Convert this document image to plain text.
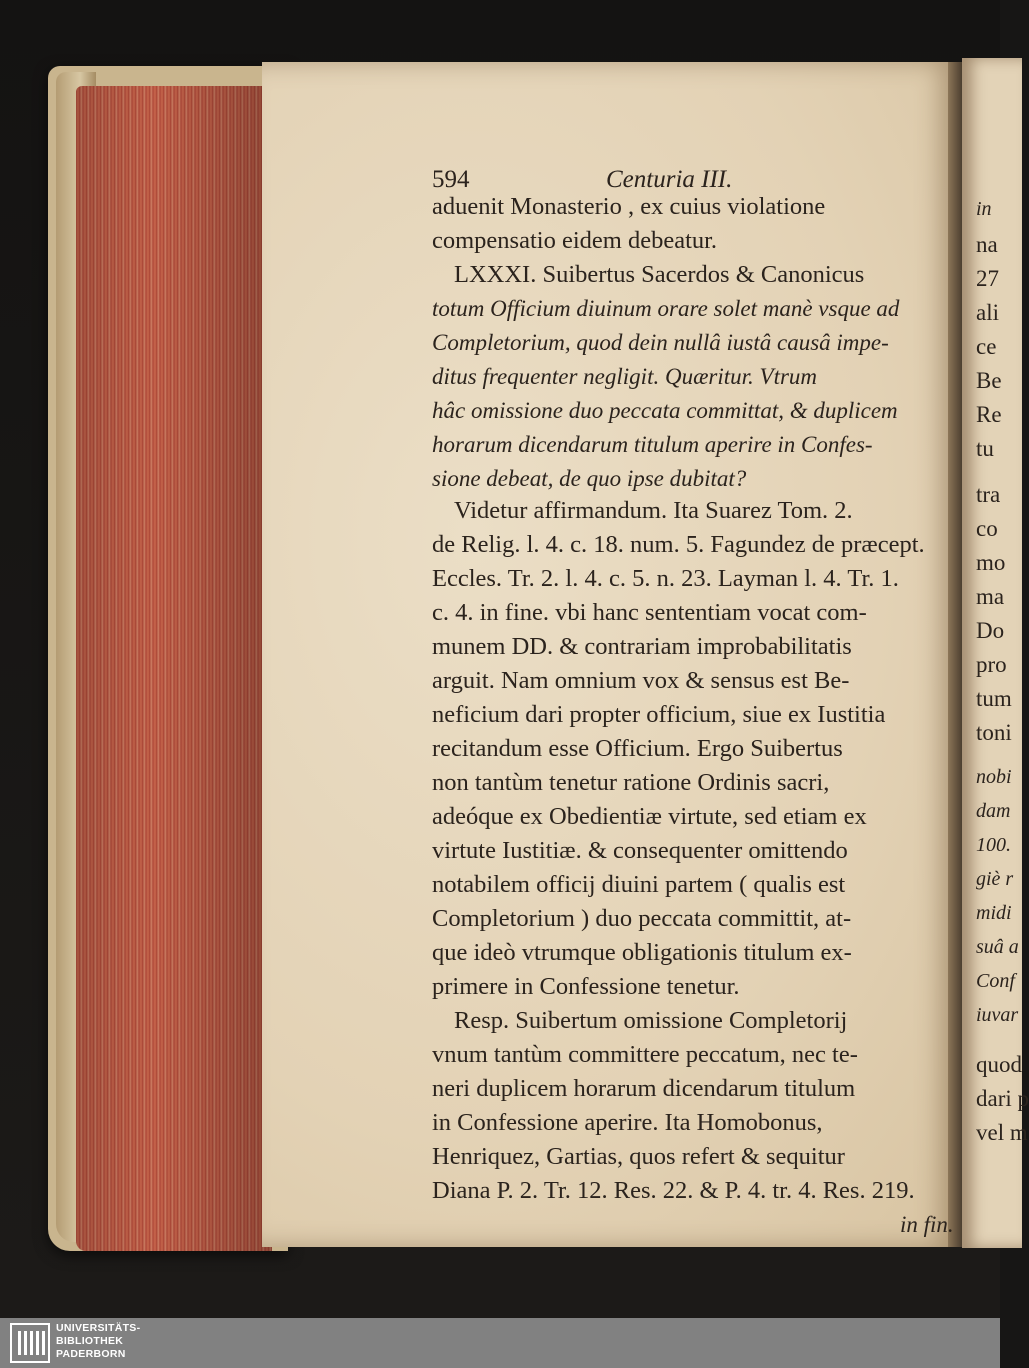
594	Centuria III.
aduenit Monasterio , ex cuius violatione
compensatio eidem debeatur.
LXXXI. Suibertus Sacerdos & Canonicus
totum Officium diuinum orare solet manè vsque ad
Completorium, quod dein nullâ iustâ causâ impe-
ditus frequenter negligit. Quæritur. Vtrum
hâc omissione duo peccata committat, & duplicem
horarum dicendarum titulum aperire in Confes-
sione debeat, de quo ipse dubitat?
Videtur affirmandum. Ita Suarez Tom. 2.
de Relig. l. 4. c. 18. num. 5. Fagundez de præcept.
Eccles. Tr. 2. l. 4. c. 5. n. 23. Layman l. 4. Tr. 1.
c. 4. in fine. vbi hanc sententiam vocat com-
munem DD. & contrariam improbabilitatis
arguit. Nam omnium vox & sensus est Be-
neficium dari propter officium, siue ex Iustitia
recitandum esse Officium. Ergo Suibertus
non tantùm tenetur ratione Ordinis sacri,
adeóque ex Obedientiæ virtute, sed etiam ex
virtute Iustitiæ. & consequenter omittendo
notabilem officij diuini partem ( qualis est
Completorium ) duo peccata committit, at-
que ideò vtrumque obligationis titulum ex-
primere in Confessione tenetur.
Resp. Suibertum omissione Completorij
vnum tantùm committere peccatum, nec te-
neri duplicem horarum dicendarum titulum
in Confessione aperire. Ita Homobonus,
Henriquez, Gartias, quos refert & sequitur
Diana P. 2. Tr. 12. Res. 22. & P. 4. tr. 4. Res. 219.
in fin.
in
na
27
ali
ce
Be
Re
tu
tra
co
mo
ma
Do
pro
tum
toni
nobi
dam
100.
giè r
midi
suâ a
Conf
iuvar
quod
dari p
vel m
UNIVERSITÄTS-
BIBLIOTHEK
PADERBORN
